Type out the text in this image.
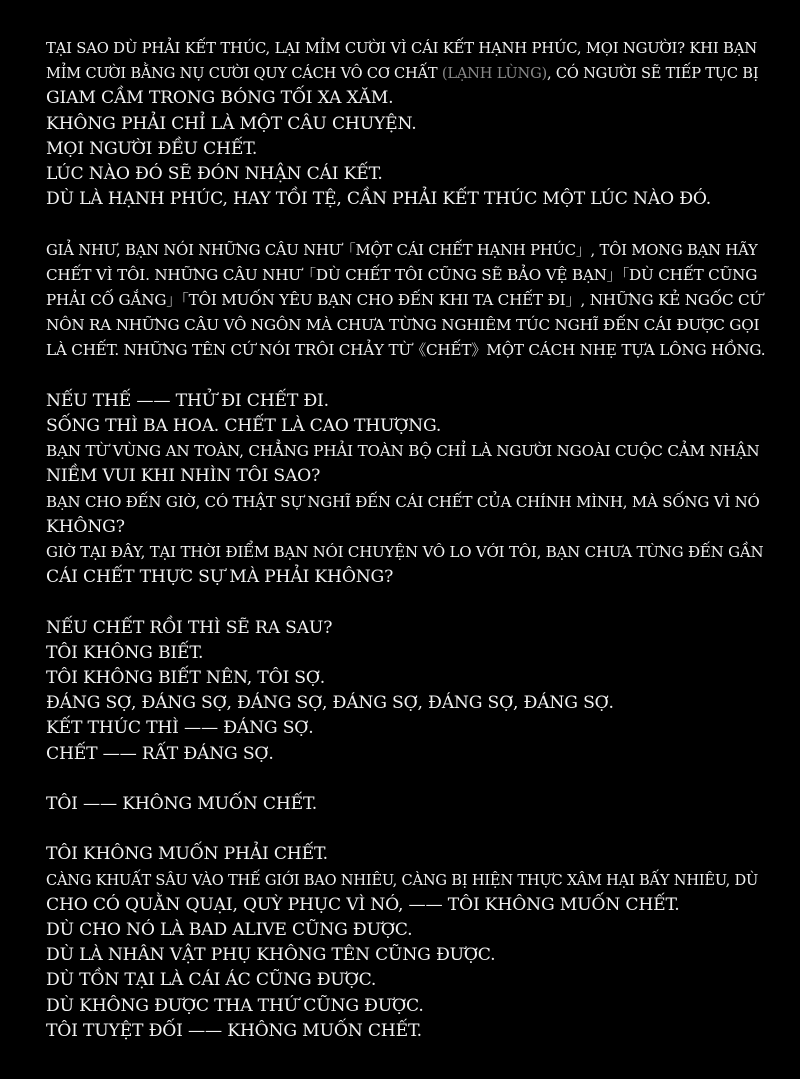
TẠI SAO DÙ PHẢI KẾT THÚC, LẠI MỈM CƯỜI VÌ CÁI KẾT HẠNH PHÚC, MỌI NGƯỜI? KHI BẠN
MỈM CƯỜI BẰNG NỤ CƯỜI QUY CÁCH VÔ CƠ CHẤT (LẠNH LÙNG), CÓ NGƯỜI SẼ TIẾP TỤC BỊ
GIAM CẦM TRONG BÓNG TỐI XA XĂM.
KHÔNG PHẢI CHỈ LÀ MỘT CÂU CHUYỆN.
MỌI NGƯỜI ĐỀU CHẾT.
LÚC NÀO ĐÓ SẼ ĐÓN NHẬN CÁI KẾT.
DÙ LÀ HẠNH PHÚC, HAY TỒI TỆ, CẦN PHẢI KẾT THÚC MỘT LÚC NÀO ĐÓ.
GIẢ NHƯ, BẠN NÓI NHỮNG CÂU NHƯ「MỘT CÁI CHẾT HẠNH PHÚC」, TÔI MONG BẠN HÃY
CHẾT VÌ TÔI. NHỮNG CÂU NHƯ「DÙ CHẾT TÔI CŨNG SẼ BẢO VỆ BẠN」「DÙ CHẾT CŨNG
PHẢI CỐ GẮNG」「TÔI MUỐN YÊU BẠN CHO ĐẾN KHI TA CHẾT ĐI」, NHỮNG KẺ NGỐC CỨ
NÔN RA NHỮNG CÂU VÔ NGÔN MÀ CHƯA TỪNG NGHIÊM TÚC NGHĨ ĐẾN CÁI ĐƯỢC GỌI
LÀ CHẾT. NHỮNG TÊN CỨ NÓI TRÔI CHẢY TỪ《CHẾT》MỘT CÁCH NHẸ TỰA LÔNG HỒNG.
NẾU THẾ —— THỬ ĐI CHẾT ĐI.
SỐNG THÌ BA HOA. CHẾT LÀ CAO THƯỢNG.
BẠN TỪ VÙNG AN TOÀN, CHẲNG PHẢI TOÀN BỘ CHỈ LÀ NGƯỜI NGOÀI CUỘC CẢM NHẬN
NIỀM VUI KHI NHÌN TÔI SAO?
BẠN CHO ĐẾN GIỜ, CÓ THẬT SỰ NGHĨ ĐẾN CÁI CHẾT CỦA CHÍNH MÌNH, MÀ SỐNG VÌ NÓ
KHÔNG?
GIỜ TẠI ĐÂY, TẠI THỜI ĐIỂM BẠN NÓI CHUYỆN VÔ LO VỚI TÔI, BẠN CHƯA TỪNG ĐẾN GẦN
CÁI CHẾT THỰC SỰ MÀ PHẢI KHÔNG?
NẾU CHẾT RỒI THÌ SẼ RA SAU?
TÔI KHÔNG BIẾT.
TÔI KHÔNG BIẾT NÊN, TÔI SỢ.
ĐÁNG SỢ, ĐÁNG SỢ, ĐÁNG SỢ, ĐÁNG SỢ, ĐÁNG SỢ, ĐÁNG SỢ.
KẾT THÚC THÌ —— ĐÁNG SỢ.
CHẾT —— RẤT ĐÁNG SỢ.
TÔI —— KHÔNG MUỐN CHẾT.
TÔI KHÔNG MUỐN PHẢI CHẾT.
CÀNG KHUẤT SÂU VÀO THẾ GIỚI BAO NHIÊU, CÀNG BỊ HIỆN THỰC XÂM HẠI BẤY NHIÊU, DÙ
CHO CÓ QUẰN QUẠI, QUỲ PHỤC VÌ NÓ, —— TÔI KHÔNG MUỐN CHẾT.
DÙ CHO NÓ LÀ BAD ALIVE CŨNG ĐƯỢC.
DÙ LÀ NHÂN VẬT PHỤ KHÔNG TÊN CŨNG ĐƯỢC.
DÙ TỒN TẠI LÀ CÁI ÁC CŨNG ĐƯỢC.
DÙ KHÔNG ĐƯỢC THA THỨ CŨNG ĐƯỢC.
TÔI TUYỆT ĐỐI —— KHÔNG MUỐN CHẾT.
